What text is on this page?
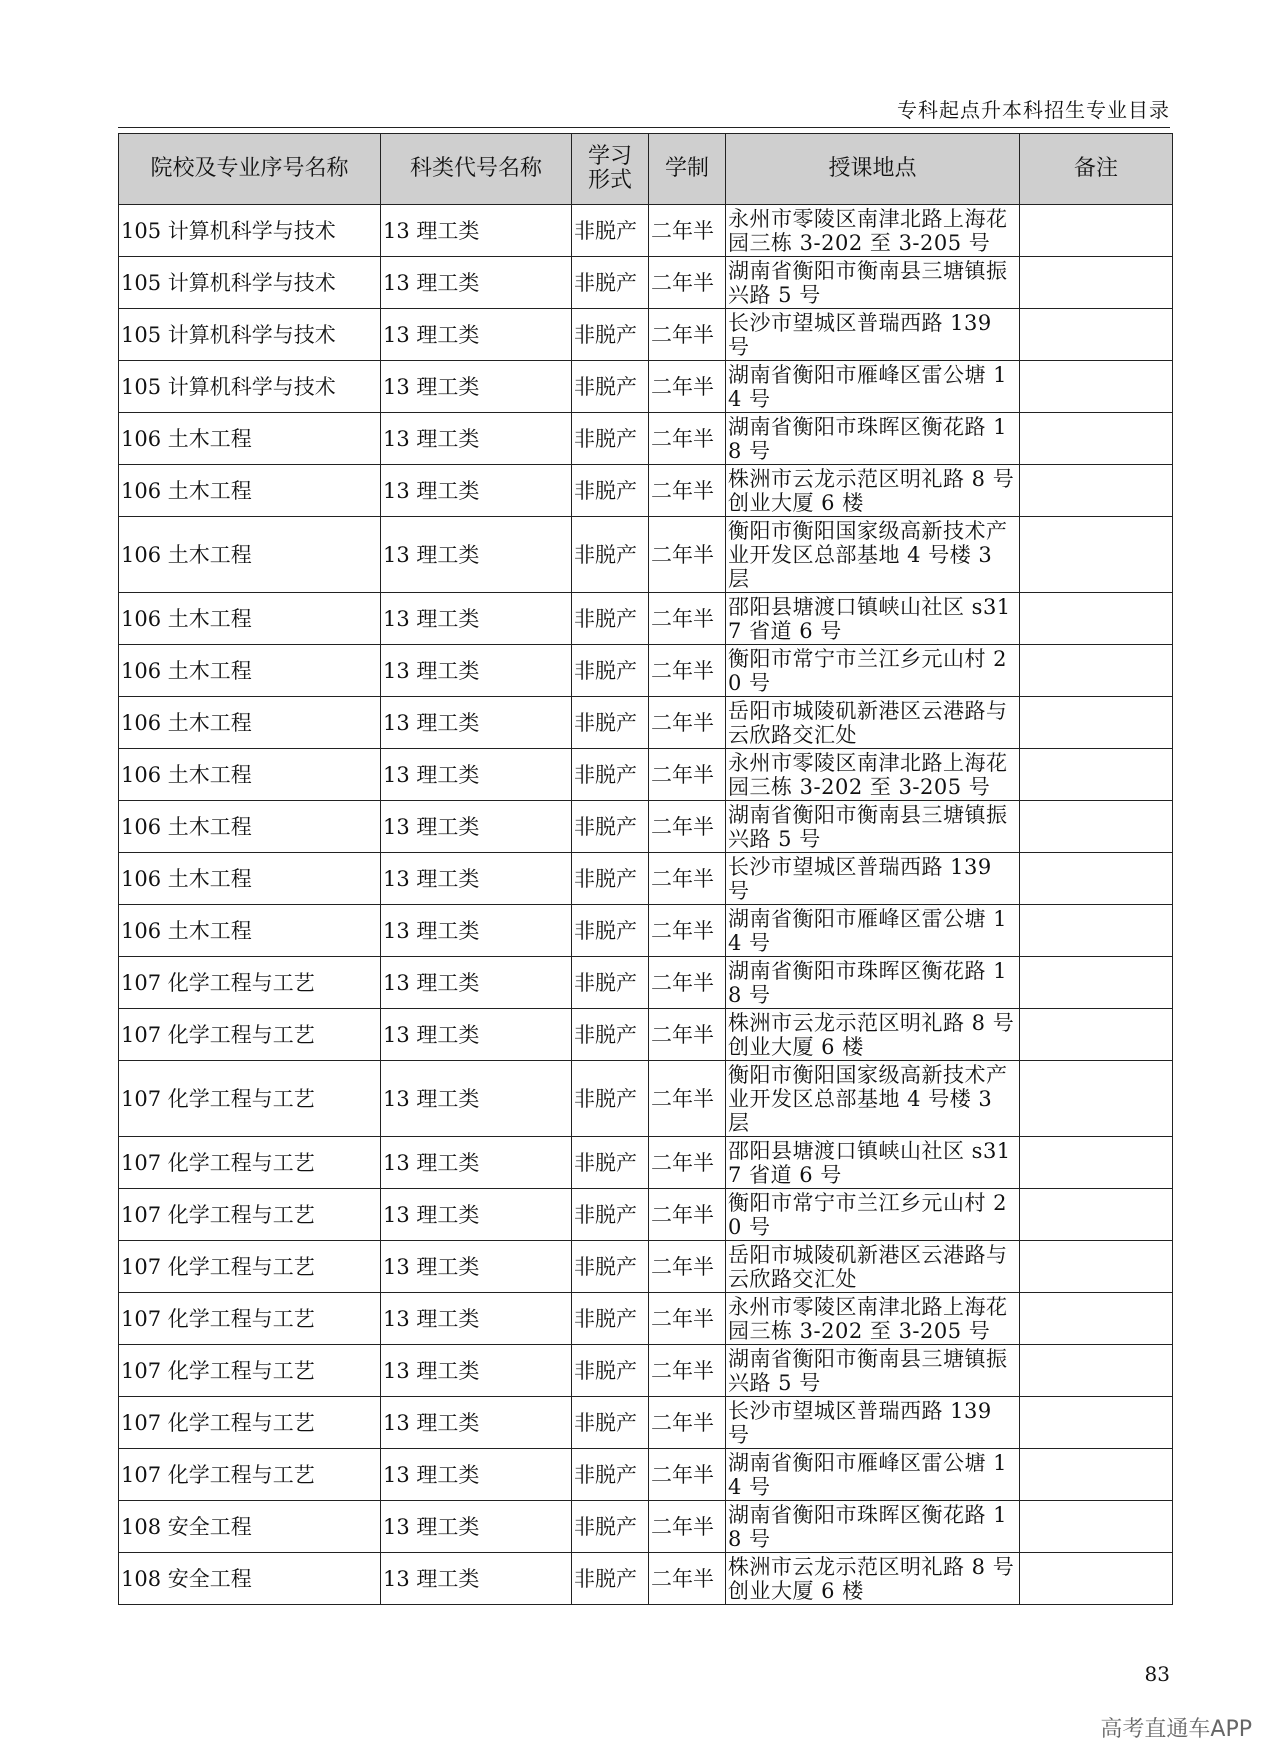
专科起点升本科招生专业目录
院校及专业序号名称	科类代号名称	学习形式	学制	授课地点	备注
105 计算机科学与技术	13 理工类	非脱产	二年半	永州市零陵区南津北路上海花园三栋 3-202 至 3-205 号	
105 计算机科学与技术	13 理工类	非脱产	二年半	湖南省衡阳市衡南县三塘镇振兴路 5 号	
105 计算机科学与技术	13 理工类	非脱产	二年半	长沙市望城区普瑞西路 139 号	
105 计算机科学与技术	13 理工类	非脱产	二年半	湖南省衡阳市雁峰区雷公塘 14 号	
106 土木工程	13 理工类	非脱产	二年半	湖南省衡阳市珠晖区衡花路 18 号	
106 土木工程	13 理工类	非脱产	二年半	株洲市云龙示范区明礼路 8 号创业大厦 6 楼	
106 土木工程	13 理工类	非脱产	二年半	衡阳市衡阳国家级高新技术产业开发区总部基地 4 号楼 3 层	
106 土木工程	13 理工类	非脱产	二年半	邵阳县塘渡口镇峡山社区 s317 省道 6 号	
106 土木工程	13 理工类	非脱产	二年半	衡阳市常宁市兰江乡元山村 20 号	
106 土木工程	13 理工类	非脱产	二年半	岳阳市城陵矶新港区云港路与云欣路交汇处	
106 土木工程	13 理工类	非脱产	二年半	永州市零陵区南津北路上海花园三栋 3-202 至 3-205 号	
106 土木工程	13 理工类	非脱产	二年半	湖南省衡阳市衡南县三塘镇振兴路 5 号	
106 土木工程	13 理工类	非脱产	二年半	长沙市望城区普瑞西路 139 号	
106 土木工程	13 理工类	非脱产	二年半	湖南省衡阳市雁峰区雷公塘 14 号	
107 化学工程与工艺	13 理工类	非脱产	二年半	湖南省衡阳市珠晖区衡花路 18 号	
107 化学工程与工艺	13 理工类	非脱产	二年半	株洲市云龙示范区明礼路 8 号创业大厦 6 楼	
107 化学工程与工艺	13 理工类	非脱产	二年半	衡阳市衡阳国家级高新技术产业开发区总部基地 4 号楼 3 层	
107 化学工程与工艺	13 理工类	非脱产	二年半	邵阳县塘渡口镇峡山社区 s317 省道 6 号	
107 化学工程与工艺	13 理工类	非脱产	二年半	衡阳市常宁市兰江乡元山村 20 号	
107 化学工程与工艺	13 理工类	非脱产	二年半	岳阳市城陵矶新港区云港路与云欣路交汇处	
107 化学工程与工艺	13 理工类	非脱产	二年半	永州市零陵区南津北路上海花园三栋 3-202 至 3-205 号	
107 化学工程与工艺	13 理工类	非脱产	二年半	湖南省衡阳市衡南县三塘镇振兴路 5 号	
107 化学工程与工艺	13 理工类	非脱产	二年半	长沙市望城区普瑞西路 139 号	
107 化学工程与工艺	13 理工类	非脱产	二年半	湖南省衡阳市雁峰区雷公塘 14 号	
108 安全工程	13 理工类	非脱产	二年半	湖南省衡阳市珠晖区衡花路 18 号	
108 安全工程	13 理工类	非脱产	二年半	株洲市云龙示范区明礼路 8 号创业大厦 6 楼	
83
高考直通车APP
